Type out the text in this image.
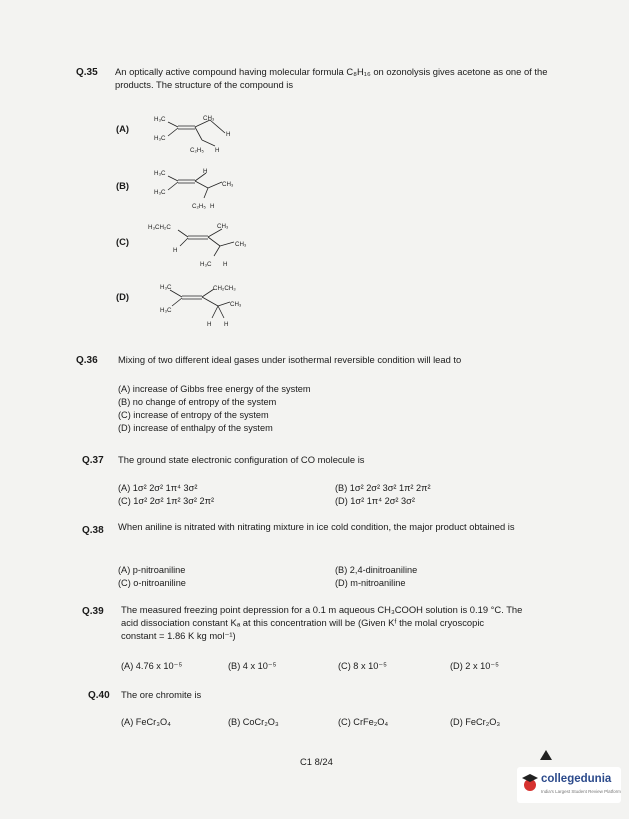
Q.35 An optically active compound having molecular formula C₈H₁₆ on ozonolysis gives acetone as one of the products. The structure of the compound is
(A)
H₃C
H₃C
CH₃
H
C₂H₅ H
(B)
H₃C
H₃C
H
CH₃
C₂H₅ H
(C)
H₃CH₂C
H
CH₃
CH₃
H₃C H
(D)
H₃C
H₃C
CH₂CH₃
CH₃
H H
Q.36 Mixing of two different ideal gases under isothermal reversible condition will lead to
(A) increase of Gibbs free energy of the system
(B) no change of entropy of the system
(C) increase of entropy of the system
(D) increase of enthalpy of the system
Q.37 The ground state electronic configuration of CO molecule is
(A) 1σ² 2σ² 1π⁴ 3σ²	(B) 1σ² 2σ² 3σ² 1π² 2π²
(C) 1σ² 2σ² 1π² 3σ² 2π²	(D) 1σ² 1π⁴ 2σ² 3σ²
Q.38 When aniline is nitrated with nitrating mixture in ice cold condition, the major product obtained is
(A) p-nitroaniline	(B) 2,4-dinitroaniline
(C) o-nitroaniline	(D) m-nitroaniline
Q.39 The measured freezing point depression for a 0.1 m aqueous CH₃COOH solution is 0.19 °C. The
acid dissociation constant Kₐ at this concentration will be (Given Kᶠ the molal cryoscopic
constant = 1.86 K kg mol⁻¹)
(A) 4.76 x 10⁻⁵	(B) 4 x 10⁻⁵	(C) 8 x 10⁻⁵	(D) 2 x 10⁻⁵
Q.40 The ore chromite is
(A) FeCr₃O₄	(B) CoCr₂O₃	(C) CrFe₂O₄	(D) FeCr₂O₃
C1 8/24
collegedunia
India's Largest Student Review Platform
